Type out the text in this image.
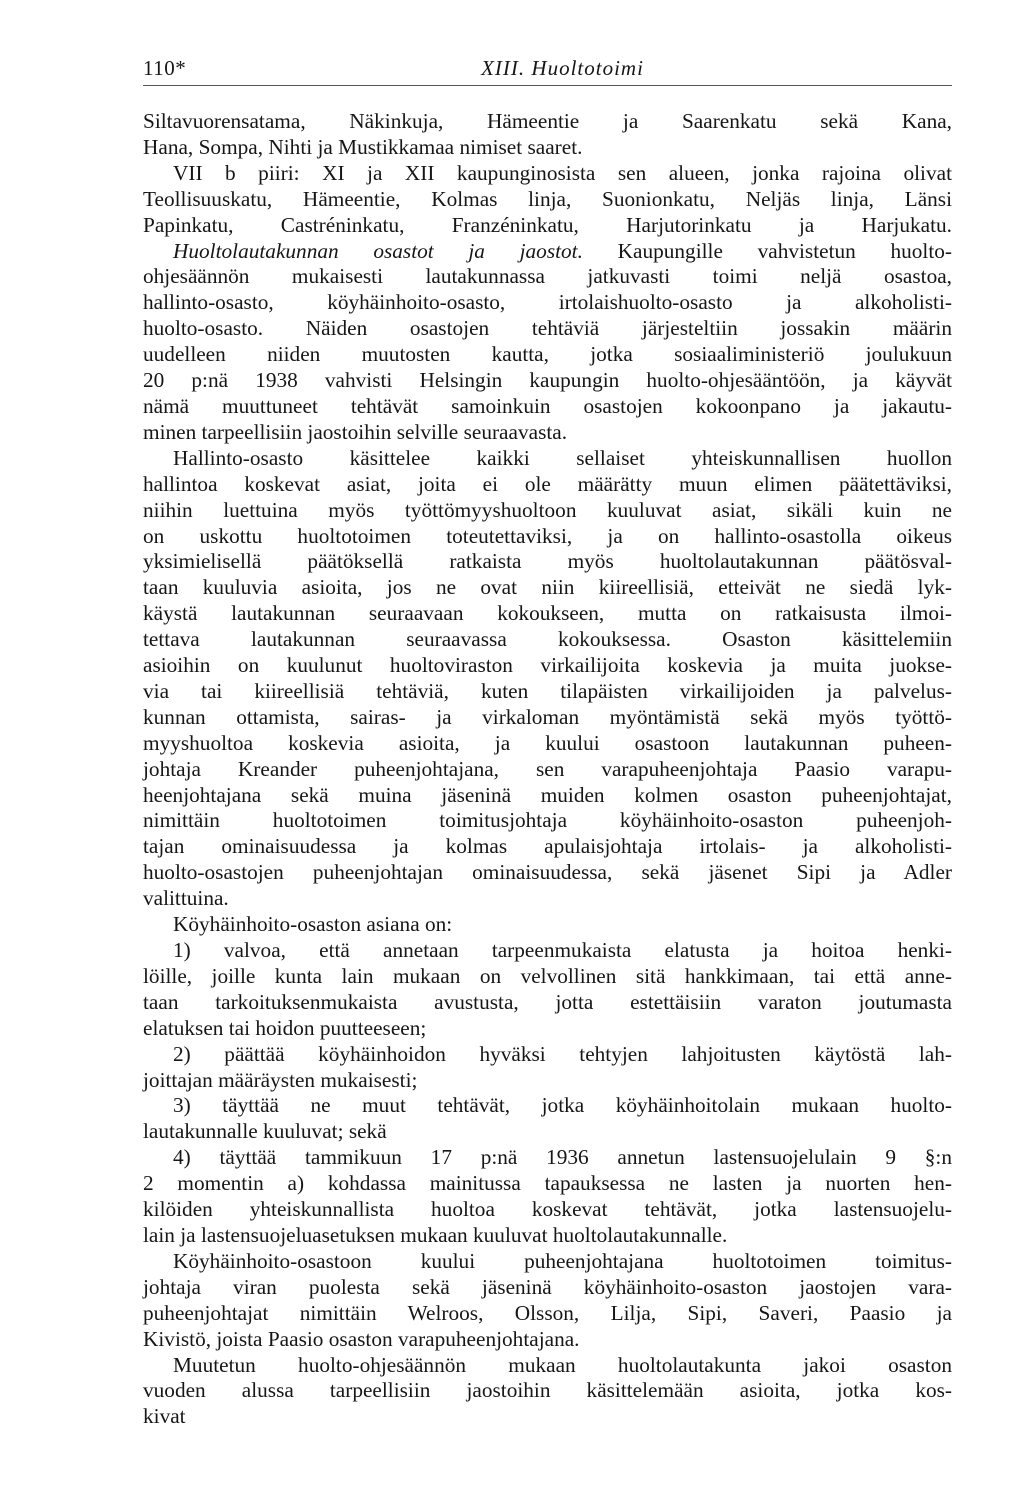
110*	XIII. Huoltotoimi
Siltavuorensatama, Näkinkuja, Hämeentie ja Saarenkatu sekä Kana,
Hana, Sompa, Nihti ja Mustikkamaa nimiset saaret.
VII b piiri: XI ja XII kaupunginosista sen alueen, jonka rajoina olivat
Teollisuuskatu, Hämeentie, Kolmas linja, Suonionkatu, Neljäs linja, Länsi
Papinkatu, Castréninkatu, Franzéninkatu, Harjutorinkatu ja Harjukatu.
Huoltolautakunnan osastot ja jaostot. Kaupungille vahvistetun huolto-
ohjesäännön mukaisesti lautakunnassa jatkuvasti toimi neljä osastoa,
hallinto-osasto, köyhäinhoito-osasto, irtolaishuolto-osasto ja alkoholisti-
huolto-osasto. Näiden osastojen tehtäviä järjesteltiin jossakin määrin
uudelleen niiden muutosten kautta, jotka sosiaaliministeriö joulukuun
20 p:nä 1938 vahvisti Helsingin kaupungin huolto-ohjesääntöön, ja käyvät
nämä muuttuneet tehtävät samoinkuin osastojen kokoonpano ja jakautu-
minen tarpeellisiin jaostoihin selville seuraavasta.
Hallinto-osasto käsittelee kaikki sellaiset yhteiskunnallisen huollon
hallintoa koskevat asiat, joita ei ole määrätty muun elimen päätettäviksi,
niihin luettuina myös työttömyyshuoltoon kuuluvat asiat, sikäli kuin ne
on uskottu huoltotoimen toteutettaviksi, ja on hallinto-osastolla oikeus
yksimielisellä päätöksellä ratkaista myös huoltolautakunnan päätösval-
taan kuuluvia asioita, jos ne ovat niin kiireellisiä, etteivät ne siedä lyk-
käystä lautakunnan seuraavaan kokoukseen, mutta on ratkaisusta ilmoi-
tettava lautakunnan seuraavassa kokouksessa. Osaston käsittelemiin
asioihin on kuulunut huoltoviraston virkailijoita koskevia ja muita juokse-
via tai kiireellisiä tehtäviä, kuten tilapäisten virkailijoiden ja palvelus-
kunnan ottamista, sairas- ja virkaloman myöntämistä sekä myös työttö-
myyshuoltoa koskevia asioita, ja kuului osastoon lautakunnan puheen-
johtaja Kreander puheenjohtajana, sen varapuheenjohtaja Paasio varapu-
heenjohtajana sekä muina jäseninä muiden kolmen osaston puheenjohtajat,
nimittäin huoltotoimen toimitusjohtaja köyhäinhoito-osaston puheenjoh-
tajan ominaisuudessa ja kolmas apulaisjohtaja irtolais- ja alkoholisti-
huolto-osastojen puheenjohtajan ominaisuudessa, sekä jäsenet Sipi ja Adler
valittuina.
Köyhäinhoito-osaston asiana on:
1) valvoa, että annetaan tarpeenmukaista elatusta ja hoitoa henki-
löille, joille kunta lain mukaan on velvollinen sitä hankkimaan, tai että anne-
taan tarkoituksenmukaista avustusta, jotta estettäisiin varaton joutumasta
elatuksen tai hoidon puutteeseen;
2) päättää köyhäinhoidon hyväksi tehtyjen lahjoitusten käytöstä lah-
joittajan määräysten mukaisesti;
3) täyttää ne muut tehtävät, jotka köyhäinhoitolain mukaan huolto-
lautakunnalle kuuluvat; sekä
4) täyttää tammikuun 17 p:nä 1936 annetun lastensuojelulain 9 §:n
2 momentin a) kohdassa mainitussa tapauksessa ne lasten ja nuorten hen-
kilöiden yhteiskunnallista huoltoa koskevat tehtävät, jotka lastensuojelu-
lain ja lastensuojeluasetuksen mukaan kuuluvat huoltolautakunnalle.
Köyhäinhoito-osastoon kuului puheenjohtajana huoltotoimen toimitus-
johtaja viran puolesta sekä jäseninä köyhäinhoito-osaston jaostojen vara-
puheenjohtajat nimittäin Welroos, Olsson, Lilja, Sipi, Saveri, Paasio ja
Kivistö, joista Paasio osaston varapuheenjohtajana.
Muutetun huolto-ohjesäännön mukaan huoltolautakunta jakoi osaston
vuoden alussa tarpeellisiin jaostoihin käsittelemään asioita, jotka kos-
kivat
